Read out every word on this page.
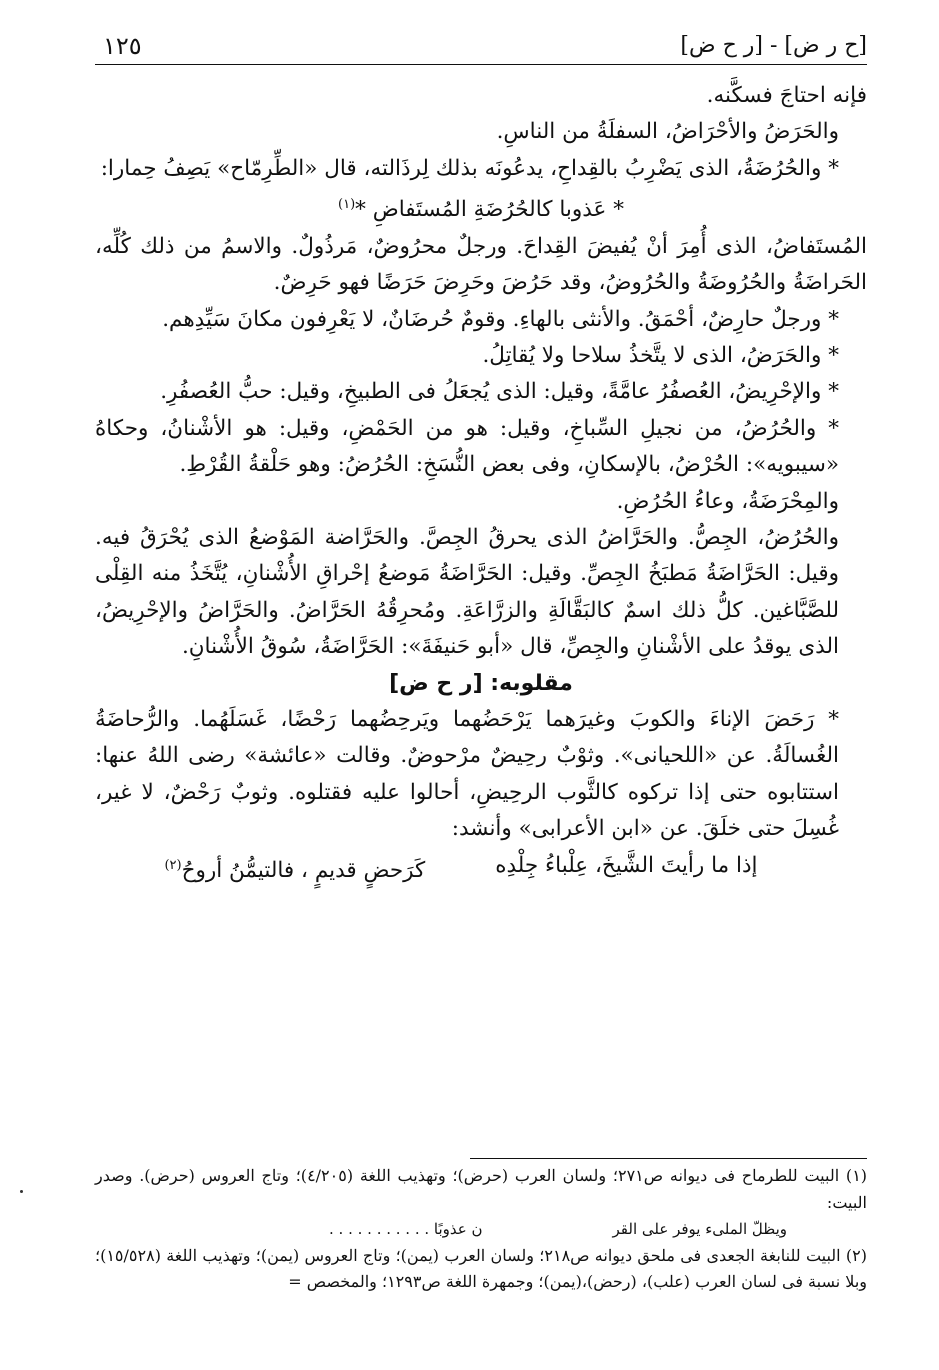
[ح ر ض] - [ر ح ض]
١٢٥

فإنه احتاجَ فسكَّنه.

والحَرَضُ والأحْرَاضُ، السفلَةُ من الناسِ.

* والحُرُضَةُ، الذى يَضْرِبُ بالقِداحِ، يدعُونَه بذلك لِرذَالته، قال «الطِّرِمّاح» يَصِفُ حِمارا:

* عَذوبا كالحُرُضَةِ المُستَفاضِ *$^{(١)}$

المُستَفاضُ، الذى أُمِرَ أنْ يُفيضَ القِداحَ. ورجلٌ محرُوضٌ، مَرذُولٌ. والاسمُ من ذلك كُلِّه، الحَراضَةُ والحُرُوضَةُ والحُرُوضُ، وقد حَرُضَ وحَرِضَ حَرَضًا فهو حَرِضٌ.

* ورجلٌ حارِضٌ، أحْمَقُ. والأنثى بالهاءِ. وقومٌ حُرضَانٌ، لا يَعْرِفون مكانَ سَيِّدِهم.

* والحَرَضُ، الذى لا يتَّخذُ سلاحا ولا يُقاتِلُ.

* والإحْرِيضُ، العُصفُرُ عامَّةً، وقيل: الذى يُجعَلُ فى الطبيخِ، وقيل: حبُّ العُصفُرِ.

* والحُرُضُ، من نجيلِ السِّباخِ، وقيل: هو من الحَمْضِ، وقيل: هو الأشْنانُ، وحكاهُ «سيبويه»: الحُرْضُ، بالإسكانِ، وفى بعض النُّسَخِ: الحُرُضُ: وهو حَلْقةُ القُرْطِ.

والمِحْرَضَةُ، وعاءُ الحُرُضِ.

والحُرُضُ، الجِصُّ. والحَرَّاضُ الذى يحرقُ الجِصَّ. والحَرَّاضة المَوْضعُ الذى يُحْرَقُ فيه. وقيل: الحَرَّاضَةُ مَطبَخُ الجِصِّ. وقيل: الحَرَّاضَةُ مَوضعُ إحْراقِ الأُشْنانِ، يُتَّخَذُ منه القِلْى للصَّبَّاغين. كلُّ ذلك اسمٌ كالبَقَّالَةِ والزرَّاعَةِ. ومُحرِقُهُ الحَرَّاضُ. والحَرَّاضُ والإحْرِيضُ، الذى يوقدُ على الأشْنانِ والجِصِّ، قال «أبو حَنيفَةَ»: الحَرَّاضَةُ، سُوقُ الأُشْنانِ.

مقلوبه: [ر ح ض]

* رَحَضَ الإناءَ والكوبَ وغيرَهما يَرْحَضُهما ويَرحِضُهما رَحْضًا، غَسَلَهُما. والرُّحاضَةُ الغُسالَةُ. عن «اللحيانى». وثوْبٌ رحِيضٌ مرْحوضٌ. وقالت «عائشة» رضى اللهُ عنها: استتابوه حتى إذا تركوه كالثَّوب الرحِيضِ، أحالوا عليه فقتلوه. وثوبٌ رَحْضٌ، لا غير، غُسِلَ حتى خلَقَ. عن «ابن الأعرابى» وأنشد:

إذا ما رأيتَ الشَّيخَ، عِلْباءُ جِلْدِه
كَرَحضٍ قديمٍ ، فالتيمُّنُ أروحُ$^{(٢)}$

(١) البيت للطرماح فى ديوانه ص٢٧١؛ ولسان العرب (حرض)؛ وتهذيب اللغة (٤/٢٠٥)؛ وتاج العروس (حرض). وصدر البيت:

ويظلّ الملىء يوفر على القر
ن عذوبًا . . . . . . . . . . .

(٢) البيت للنابغة الجعدى فى ملحق ديوانه ص٢١٨؛ ولسان العرب (يمن)؛ وتاج العروس (يمن)؛ وتهذيب اللغة (١٥/٥٢٨)؛ وبلا نسبة فى لسان العرب (علب)، (رحض)،(يمن)؛ وجمهرة اللغة ص١٢٩٣؛ والمخصص =
